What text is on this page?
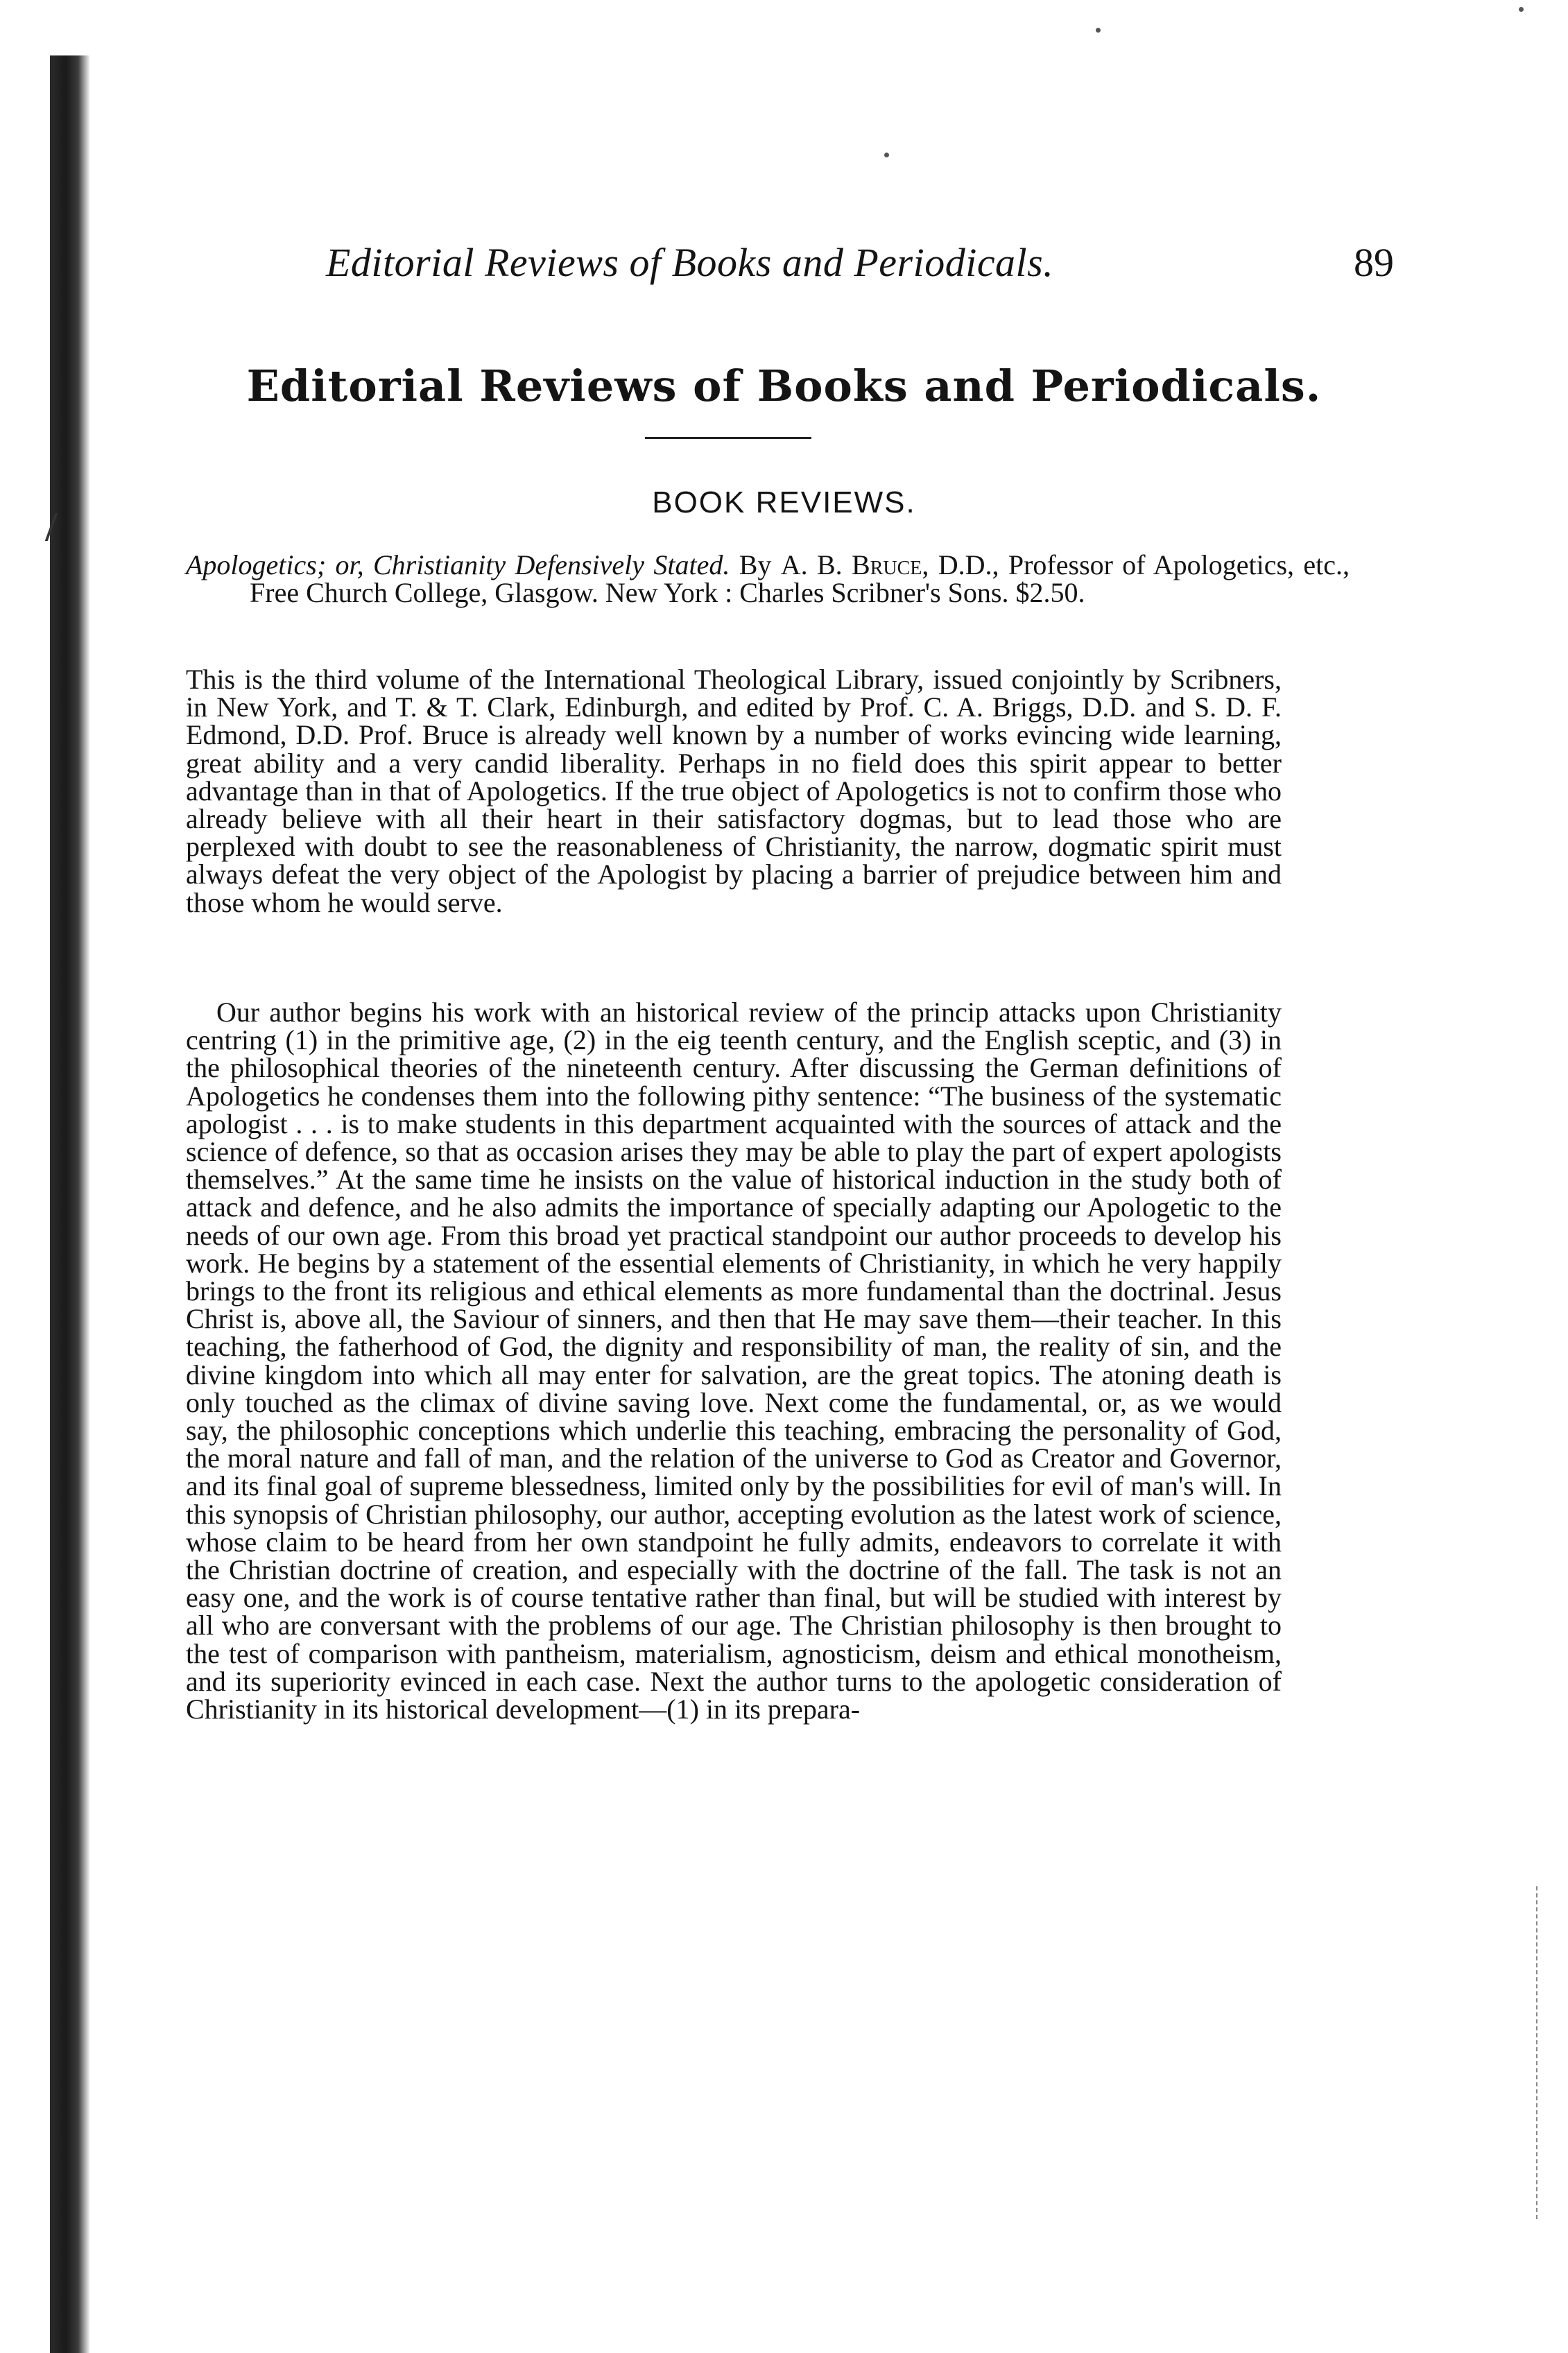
Editorial Reviews of Books and Periodicals.	89
Editorial Reviews of Books and Periodicals.
BOOK REVIEWS.
Apologetics; or, Christianity Defensively Stated. By A. B. Bruce, D.D., Professor of Apologetics, etc., Free Church College, Glasgow. New York : Charles Scribner's Sons. $2.50.
This is the third volume of the International Theological Library, issued conjointly by Scribners, in New York, and T. & T. Clark, Edinburgh, and edited by Prof. C. A. Briggs, D.D. and S. D. F. Edmond, D.D. Prof. Bruce is already well known by a number of works evincing wide learning, great ability and a very candid liberality. Perhaps in no field does this spirit appear to better advantage than in that of Apologetics. If the true object of Apologetics is not to confirm those who already believe with all their heart in their satisfactory dogmas, but to lead those who are perplexed with doubt to see the reasonableness of Christianity, the narrow, dogmatic spirit must always defeat the very object of the Apologist by placing a barrier of prejudice between him and those whom he would serve.
Our author begins his work with an historical review of the princip attacks upon Christianity centring (1) in the primitive age, (2) in the eig teenth century, and the English sceptic, and (3) in the philosophical theories of the nineteenth century. After discussing the German definitions of Apologetics he condenses them into the following pithy sentence: “The business of the systematic apologist . . . is to make students in this department acquainted with the sources of attack and the science of defence, so that as occasion arises they may be able to play the part of expert apologists themselves.” At the same time he insists on the value of historical induction in the study both of attack and defence, and he also admits the importance of specially adapting our Apologetic to the needs of our own age. From this broad yet practical standpoint our author proceeds to develop his work. He begins by a statement of the essential elements of Christianity, in which he very happily brings to the front its religious and ethical elements as more fundamental than the doctrinal. Jesus Christ is, above all, the Saviour of sinners, and then that He may save them—their teacher. In this teaching, the fatherhood of God, the dignity and responsibility of man, the reality of sin, and the divine kingdom into which all may enter for salvation, are the great topics. The atoning death is only touched as the climax of divine saving love. Next come the fundamental, or, as we would say, the philosophic conceptions which underlie this teaching, embracing the personality of God, the moral nature and fall of man, and the relation of the universe to God as Creator and Governor, and its final goal of supreme blessedness, limited only by the possibilities for evil of man's will. In this synopsis of Christian philosophy, our author, accepting evolution as the latest work of science, whose claim to be heard from her own standpoint he fully admits, endeavors to correlate it with the Christian doctrine of creation, and especially with the doctrine of the fall. The task is not an easy one, and the work is of course tentative rather than final, but will be studied with interest by all who are conversant with the problems of our age. The Christian philosophy is then brought to the test of comparison with pantheism, materialism, agnosticism, deism and ethical monotheism, and its superiority evinced in each case. Next the author turns to the apologetic consideration of Christianity in its historical development—(1) in its prepara-
